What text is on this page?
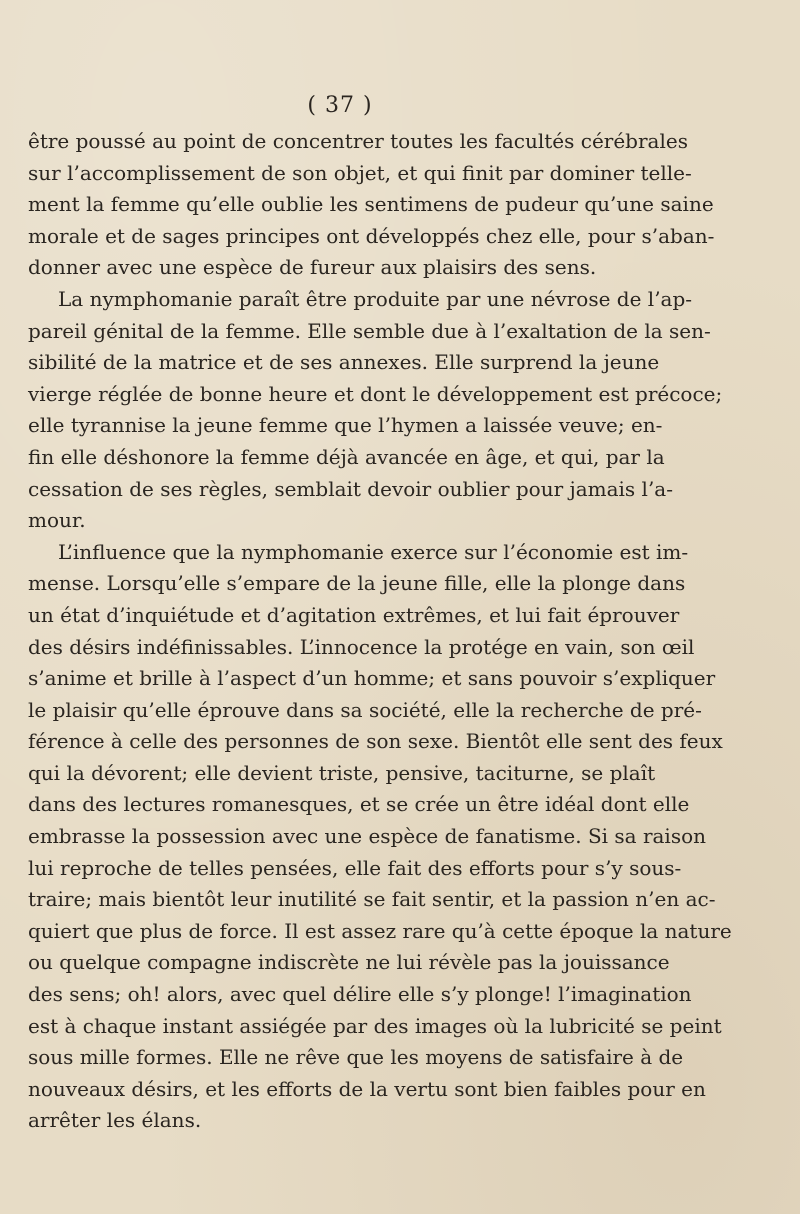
( 37 )

être poussé au point de concentrer toutes les facultés cérébrales
sur l’accomplissement de son objet, et qui finit par dominer telle-
ment la femme qu’elle oublie les sentimens de pudeur qu’une saine
morale et de sages principes ont développés chez elle, pour s’aban-
donner avec une espèce de fureur aux plaisirs des sens.

La nymphomanie paraît être produite par une névrose de l’ap-
pareil génital de la femme. Elle semble due à l’exaltation de la sen-
sibilité de la matrice et de ses annexes. Elle surprend la jeune
vierge réglée de bonne heure et dont le développement est précoce;
elle tyrannise la jeune femme que l’hymen a laissée veuve; en-
fin elle déshonore la femme déjà avancée en âge, et qui, par la
cessation de ses règles, semblait devoir oublier pour jamais l’a-
mour.

L’influence que la nymphomanie exerce sur l’économie est im-
mense. Lorsqu’elle s’empare de la jeune fille, elle la plonge dans
un état d’inquiétude et d’agitation extrêmes, et lui fait éprouver
des désirs indéfinissables. L’innocence la protége en vain, son œil
s’anime et brille à l’aspect d’un homme; et sans pouvoir s’expliquer
le plaisir qu’elle éprouve dans sa société, elle la recherche de pré-
férence à celle des personnes de son sexe. Bientôt elle sent des feux
qui la dévorent; elle devient triste, pensive, taciturne, se plaît
dans des lectures romanesques, et se crée un être idéal dont elle
embrasse la possession avec une espèce de fanatisme. Si sa raison
lui reproche de telles pensées, elle fait des efforts pour s’y sous-
traire; mais bientôt leur inutilité se fait sentir, et la passion n’en ac-
quiert que plus de force. Il est assez rare qu’à cette époque la nature
ou quelque compagne indiscrète ne lui révèle pas la jouissance
des sens; oh! alors, avec quel délire elle s’y plonge! l’imagination
est à chaque instant assiégée par des images où la lubricité se peint
sous mille formes. Elle ne rêve que les moyens de satisfaire à de
nouveaux désirs, et les efforts de la vertu sont bien faibles pour en
arrêter les élans.
